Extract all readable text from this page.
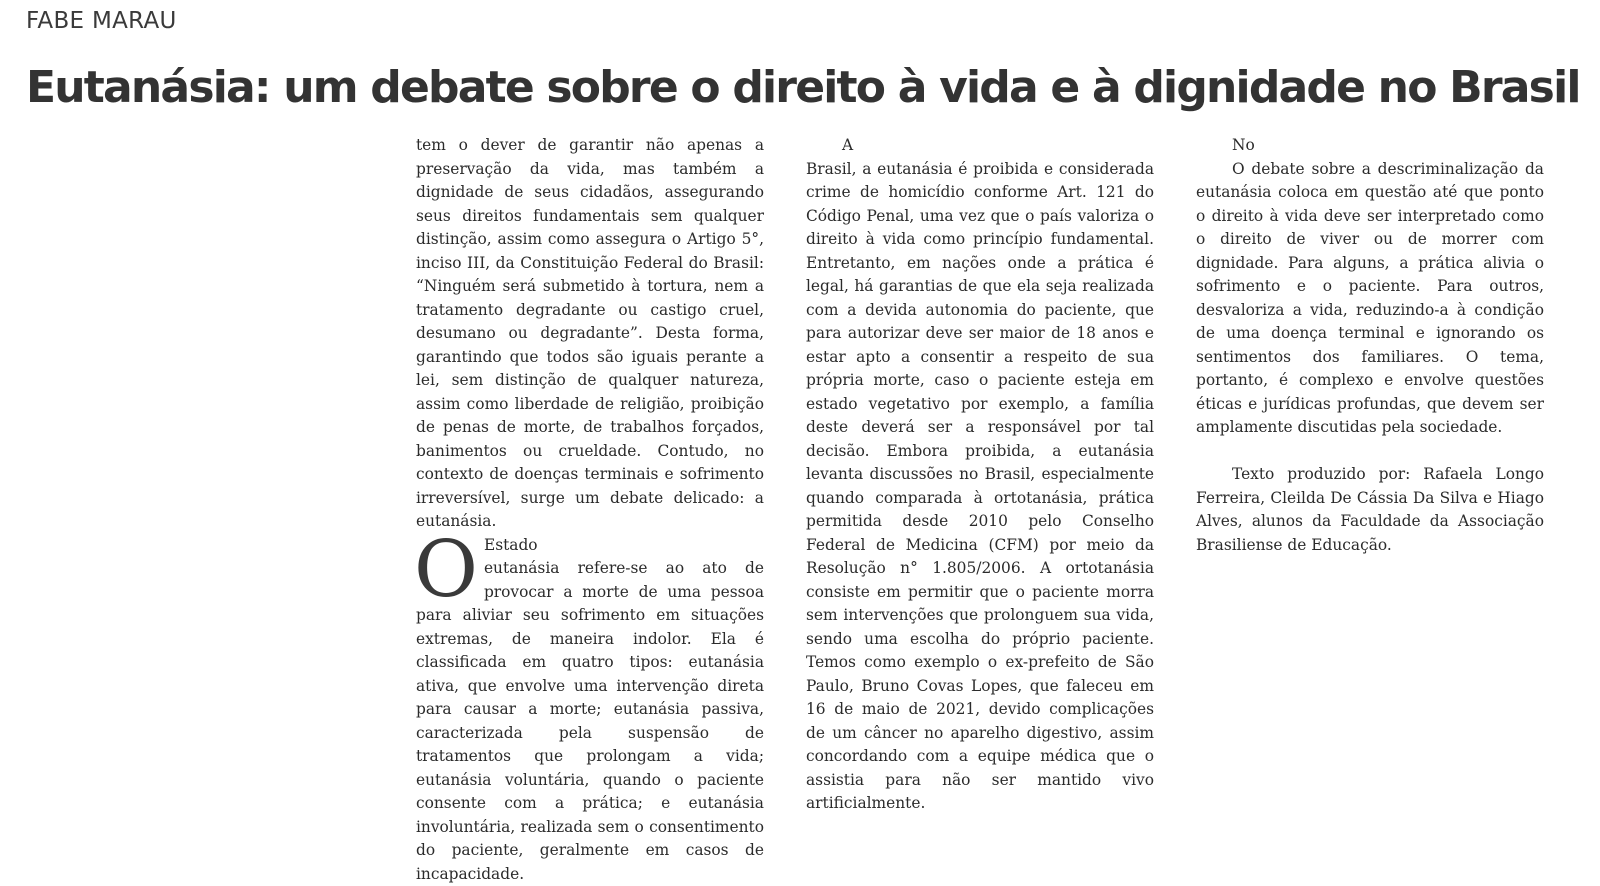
FABE MARAU
Eutanásia: um debate sobre o direito à vida e à dignidade no Brasil

tem o dever de garantir não apenas a preservação da vida, mas também a dignidade de seus cidadãos, assegurando seus direitos fundamentais sem qualquer distinção, assim como assegura o Artigo 5°, inciso III, da Constituição Federal do Brasil: “Ninguém será submetido à tortura, nem a tratamento degradante ou castigo cruel, desumano ou degradante”. Desta forma, garantindo que todos são iguais perante a lei, sem distinção de qualquer natureza, assim como liberdade de religião, proibição de penas de morte, de trabalhos forçados, banimentos ou crueldade. Contudo, no contexto de doenças terminais e sofrimento irreversível, surge um debate delicado: a eutanásia.

O Estado

eutanásia refere-se ao ato de provocar a morte de uma pessoa para aliviar seu sofrimento em situações extremas, de maneira indolor. Ela é classificada em quatro tipos: eutanásia ativa, que envolve uma intervenção direta para causar a morte; eutanásia passiva, caracterizada pela suspensão de tratamentos que prolongam a vida; eutanásia voluntária, quando o paciente consente com a prática; e eutanásia involuntária, realizada sem o consentimento do paciente, geralmente em casos de incapacidade.

A

Brasil, a eutanásia é proibida e considerada crime de homicídio conforme Art. 121 do Código Penal, uma vez que o país valoriza o direito à vida como princípio fundamental. Entretanto, em nações onde a prática é legal, há garantias de que ela seja realizada com a devida autonomia do paciente, que para autorizar deve ser maior de 18 anos e estar apto a consentir a respeito de sua própria morte, caso o paciente esteja em estado vegetativo por exemplo, a família deste deverá ser a responsável por tal decisão. Embora proibida, a eutanásia levanta discussões no Brasil, especialmente quando comparada à ortotanásia, prática permitida desde 2010 pelo Conselho Federal de Medicina (CFM) por meio da Resolução n° 1.805/2006. A ortotanásia consiste em permitir que o paciente morra sem intervenções que prolonguem sua vida, sendo uma escolha do próprio paciente. Temos como exemplo o ex-prefeito de São Paulo, Bruno Covas Lopes, que faleceu em 16 de maio de 2021, devido complicações de um câncer no aparelho digestivo, assim concordando com a equipe médica que o assistia para não ser mantido vivo artificialmente.

No

O debate sobre a descriminalização da eutanásia coloca em questão até que ponto o direito à vida deve ser interpretado como o direito de viver ou de morrer com dignidade. Para alguns, a prática alivia o sofrimento e o paciente. Para outros, desvaloriza a vida, reduzindo-a à condição de uma doença terminal e ignorando os sentimentos dos familiares. O tema, portanto, é complexo e envolve questões éticas e jurídicas profundas, que devem ser amplamente discutidas pela sociedade.

Texto produzido por: Rafaela Longo Ferreira, Cleilda De Cássia Da Silva e Hiago Alves, alunos da Faculdade da Associação Brasiliense de Educação.
